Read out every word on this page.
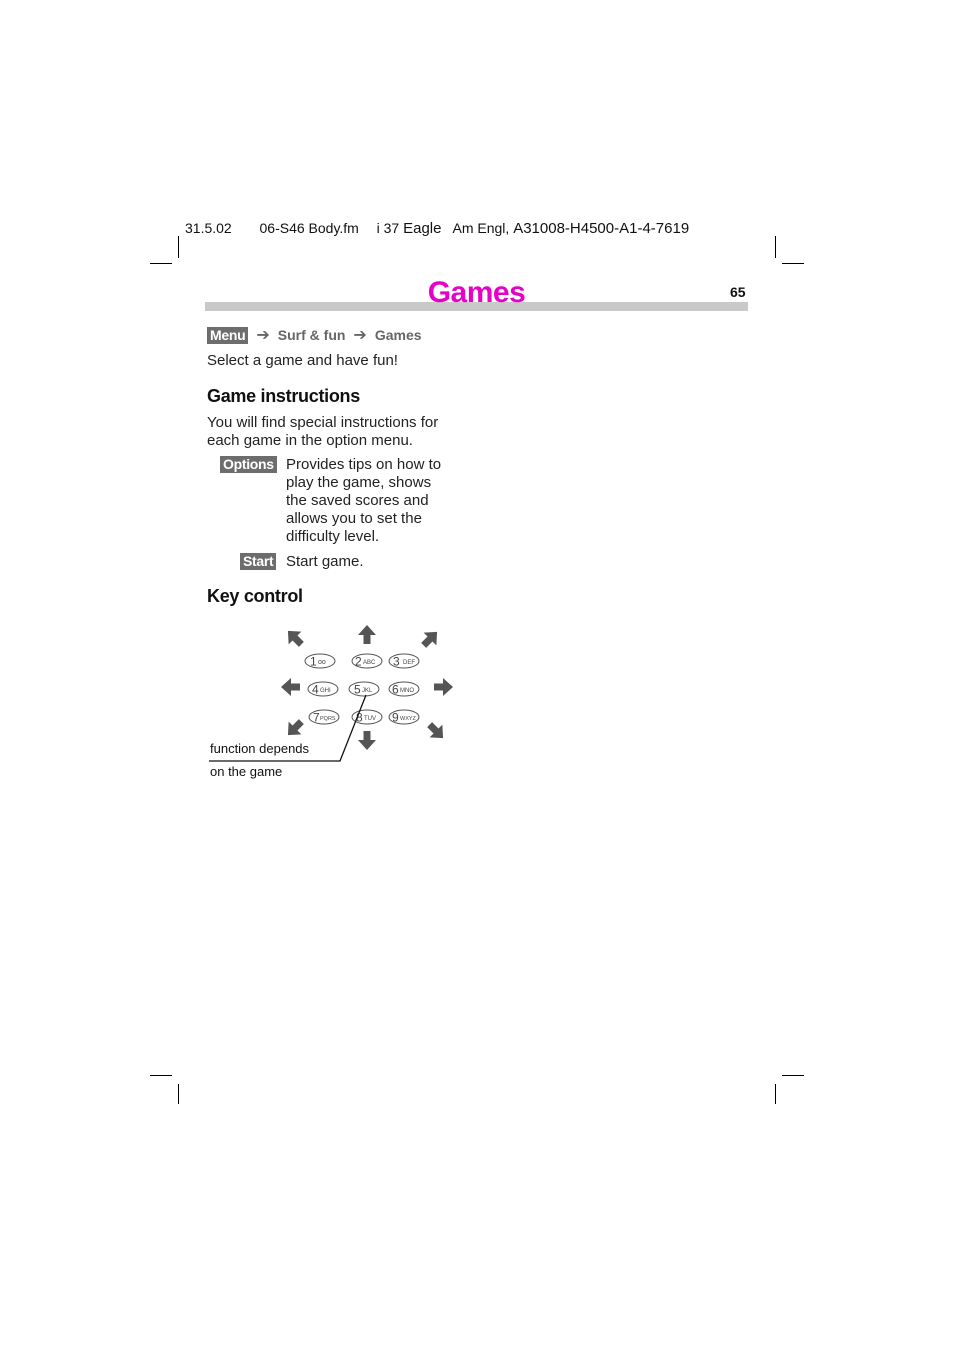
31.5.02 06-S46 Body.fm i 37 Eagle Am Engl, A31008-H4500-A1-4-7619
Games	65
Menu ➔ Surf & fun ➔ Games
Select a game and have fun!
Game instructions
You will find special instructions for
each game in the option menu.
Options Provides tips on how to
play the game, shows
the saved scores and
allows you to set the
difficulty level.
Start Start game.
Key control
1 oo 2 ABC 3 DEF
4 GHI 5 JKL 6 MNO
7 PQRS 8 TUV 9 WXYZ
function depends
on the game
